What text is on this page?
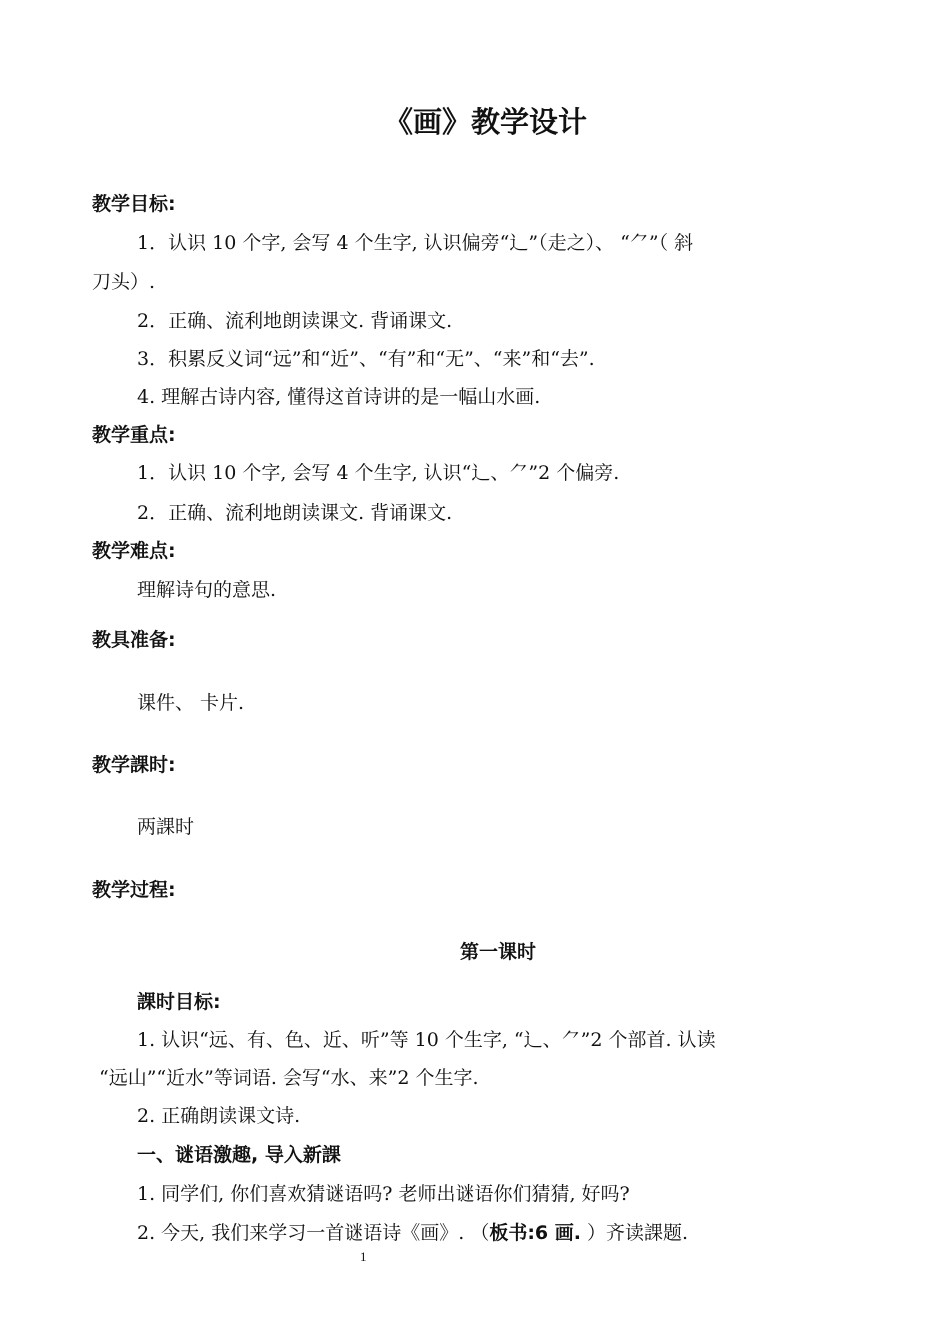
《画》教学设计
教学目标:
1．认识 10 个字, 会写 4 个生字, 认识偏旁“辶”（走之）、 “⺈”（ 斜
刀头）.
2．正确、流利地朗读课文. 背诵课文.
3．积累反义词“远”和“近”、“有”和“无”、“来”和“去”.
4. 理解古诗内容, 懂得这首诗讲的是一幅山水画.
教学重点:
1．认识 10 个字, 会写 4 个生字, 认识“辶、⺈”2 个偏旁.
2．正确、流利地朗读课文. 背诵课文.
教学难点:
理解诗句的意思.
教具准备:
课件、 卡片.
教学課时:
两課时
教学过程:
第一课时
課时目标:
1. 认识“远、有、色、近、听”等 10 个生字, “辶、⺈”2 个部首. 认读
“远山”“近水”等词语. 会写“水、来”2 个生字.
2. 正确朗读课文诗.
一、谜语激趣, 导入新課
1. 同学们, 你们喜欢猜谜语吗? 老师出谜语你们猜猜, 好吗?
2. 今天, 我们来学习一首谜语诗《画》. （板书:6 画. ）齐读課题.
1
